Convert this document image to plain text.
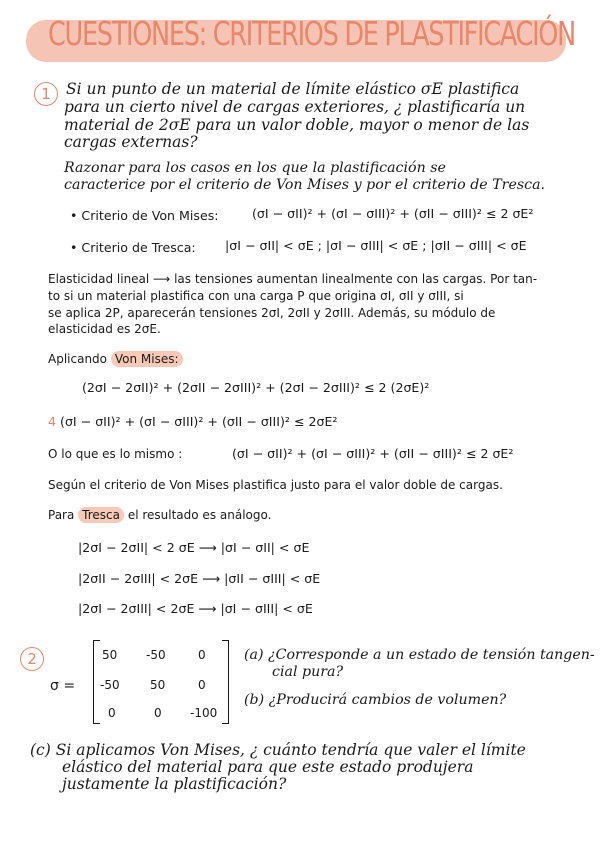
CUESTIONES: CRITERIOS DE PLASTIFICACIÓN
1 Si un punto de un material de límite elástico σE plastifica
para un cierto nivel de cargas exteriores, ¿ plastificaría un
material de 2σE para un valor doble, mayor o menor de las
cargas externas?
Razonar para los casos en los que la plastificación se
caracterice por el criterio de Von Mises y por el criterio de Tresca.
• Criterio de Von Mises:	(σI − σII)² + (σI − σIII)² + (σII − σIII)² ≤ 2 σE²
• Criterio de Tresca: |σI − σII| < σE ; |σI − σIII| < σE ; |σII − σIII| < σE
Elasticidad lineal ⟶ las tensiones aumentan linealmente con las cargas. Por tan-
to si un material plastifica con una carga P que origina σI, σII y σIII, si
se aplica 2P, aparecerán tensiones 2σI, 2σII y 2σIII. Además, su módulo de
elasticidad es 2σE.
Aplicando Von Mises:
(2σI − 2σII)² + (2σII − 2σIII)² + (2σI − 2σIII)² ≤ 2 (2σE)²
4 (σI − σII)² + (σI − σIII)² + (σII − σIII)² ≤ 2σE²
O lo que es lo mismo :	(σI − σII)² + (σI − σIII)² + (σII − σIII)² ≤ 2 σE²
Según el criterio de Von Mises plastifica justo para el valor doble de cargas.
Para Tresca el resultado es análogo.
|2σI − 2σII| < 2 σE ⟶ |σI − σII| < σE
|2σII − 2σIII| < 2σE ⟶ |σII − σIII| < σE
|2σI − 2σIII| < 2σE ⟶ |σI − σIII| < σE
2
σ =
50 -50	0
-50	50	0
0	0 -100
(a) ¿Corresponde a un estado de tensión tangen-
cial pura?
(b) ¿Producirá cambios de volumen?
(c) Si aplicamos Von Mises, ¿ cuánto tendría que valer el límite
elástico del material para que este estado produjera
justamente la plastificación?
